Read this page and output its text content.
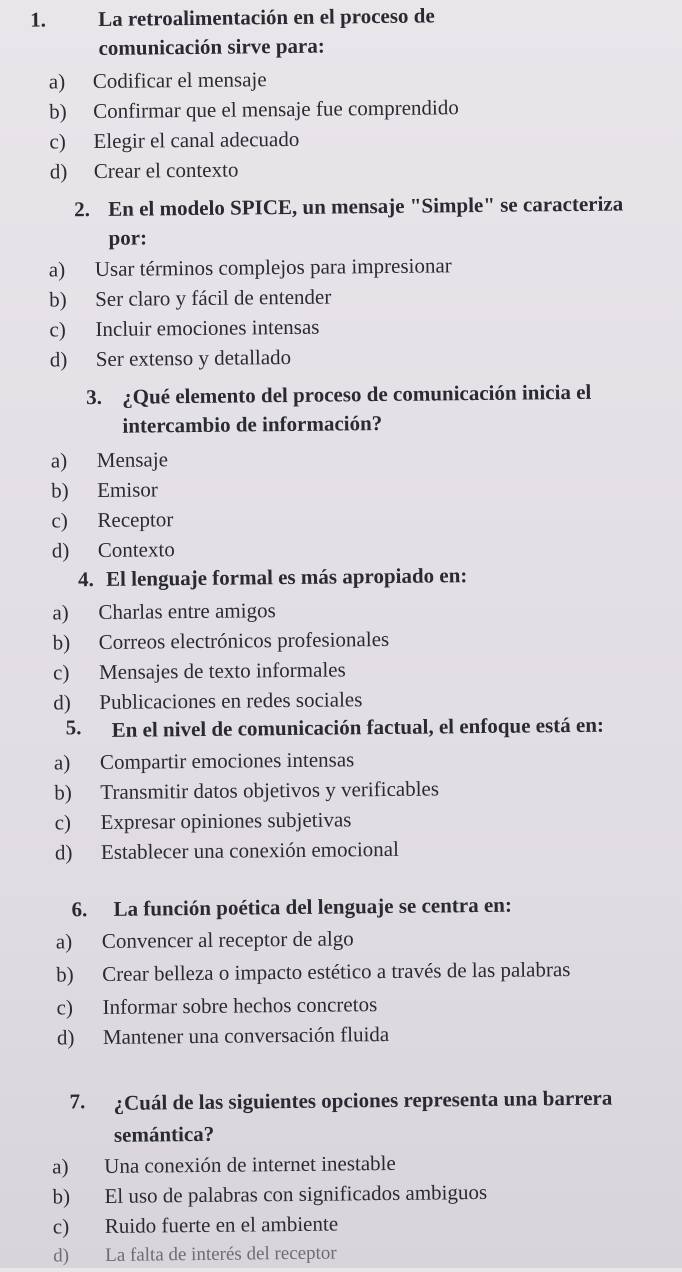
1. La retroalimentación en el proceso de comunicación sirve para:
a) Codificar el mensaje
b) Confirmar que el mensaje fue comprendido
c) Elegir el canal adecuado
d) Crear el contexto
2. En el modelo SPICE, un mensaje "Simple" se caracteriza por:
a) Usar términos complejos para impresionar
b) Ser claro y fácil de entender
c) Incluir emociones intensas
d) Ser extenso y detallado
3. ¿Qué elemento del proceso de comunicación inicia el intercambio de información?
a) Mensaje
b) Emisor
c) Receptor
d) Contexto
4. El lenguaje formal es más apropiado en:
a) Charlas entre amigos
b) Correos electrónicos profesionales
c) Mensajes de texto informales
d) Publicaciones en redes sociales
5. En el nivel de comunicación factual, el enfoque está en:
a) Compartir emociones intensas
b) Transmitir datos objetivos y verificables
c) Expresar opiniones subjetivas
d) Establecer una conexión emocional
6. La función poética del lenguaje se centra en:
a) Convencer al receptor de algo
b) Crear belleza o impacto estético a través de las palabras
c) Informar sobre hechos concretos
d) Mantener una conversación fluida
7. ¿Cuál de las siguientes opciones representa una barrera semántica?
a) Una conexión de internet inestable
b) El uso de palabras con significados ambiguos
c) Ruido fuerte en el ambiente
d) La falta de interés del receptor
